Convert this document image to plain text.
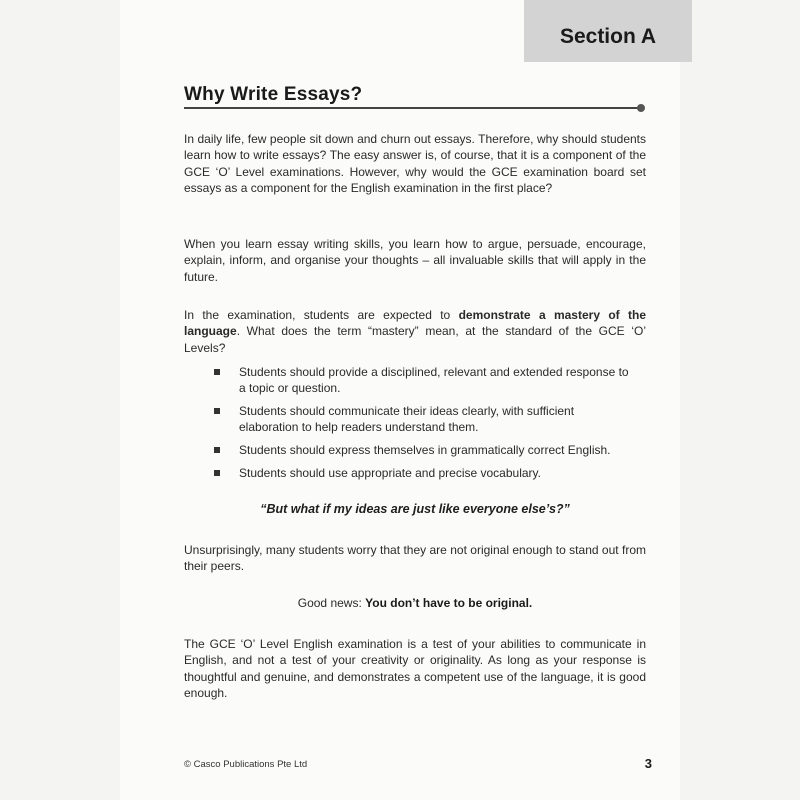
Section A
Why Write Essays?
In daily life, few people sit down and churn out essays. Therefore, why should students learn how to write essays? The easy answer is, of course, that it is a component of the GCE ‘O’ Level examinations. However, why would the GCE examination board set essays as a component for the English examination in the first place?
When you learn essay writing skills, you learn how to argue, persuade, encourage, explain, inform, and organise your thoughts – all invaluable skills that will apply in the future.
In the examination, students are expected to demonstrate a mastery of the language. What does the term “mastery” mean, at the standard of the GCE ‘O’ Levels?
Students should provide a disciplined, relevant and extended response to a topic or question.
Students should communicate their ideas clearly, with sufficient elaboration to help readers understand them.
Students should express themselves in grammatically correct English.
Students should use appropriate and precise vocabulary.
“But what if my ideas are just like everyone else’s?”
Unsurprisingly, many students worry that they are not original enough to stand out from their peers.
Good news: You don’t have to be original.
The GCE ‘O’ Level English examination is a test of your abilities to communicate in English, and not a test of your creativity or originality. As long as your response is thoughtful and genuine, and demonstrates a competent use of the language, it is good enough.
© Casco Publications Pte Ltd	3
